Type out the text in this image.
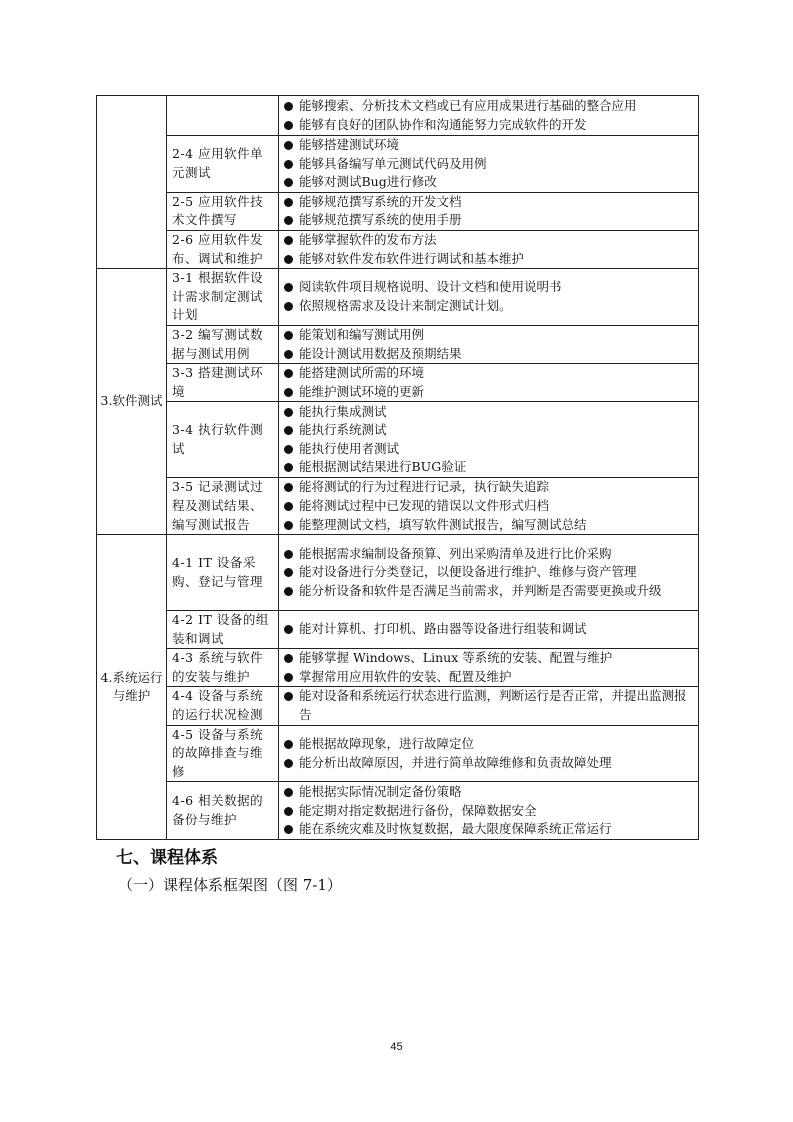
		能够搜索、分析技术文档或已有应用成果进行基础的整合应用
能够有良好的团队协作和沟通能努力完成软件的开发

	2-4 应用软件单元测试	能够搭建测试环境
能够具备编写单元测试代码及用例
能够对测试Bug进行修改

	2-5 应用软件技术文件撰写	能够规范撰写系统的开发文档
能够规范撰写系统的使用手册

	2-6 应用软件发布、调试和维护	能够掌握软件的发布方法
能够对软件发布软件进行调试和基本维护

3.软件测试	3-1 根据软件设计需求制定测试计划	阅读软件项目规格说明、设计文档和使用说明书
依照规格需求及设计来制定测试计划。

	3-2 编写测试数据与测试用例	能策划和编写测试用例
能设计测试用数据及预期结果

	3-3 搭建测试环境	能搭建测试所需的环境
能维护测试环境的更新

	3-4 执行软件测试	能执行集成测试
能执行系统测试
能执行使用者测试
能根据测试结果进行BUG验证

	3-5 记录测试过程及测试结果、编写测试报告	能将测试的行为过程进行记录，执行缺失追踪
能将测试过程中已发现的错误以文件形式归档
能整理测试文档，填写软件测试报告，编写测试总结

4.系统运行与维护	4-1 IT 设备采购、登记与管理	能根据需求编制设备预算、列出采购清单及进行比价采购
能对设备进行分类登记，以便设备进行维护、维修与资产管理
能分析设备和软件是否满足当前需求，并判断是否需要更换或升级

	4-2 IT 设备的组装和调试	能对计算机、打印机、路由器等设备进行组装和调试

	4-3 系统与软件的安装与维护	能够掌握 Windows、Linux 等系统的安装、配置与维护
掌握常用应用软件的安装、配置及维护

	4-4 设备与系统的运行状况检测	能对设备和系统运行状态进行监测，判断运行是否正常，并提出监测报告

	4-5 设备与系统的故障排查与维修	能根据故障现象，进行故障定位
能分析出故障原因，并进行简单故障维修和负责故障处理

	4-6 相关数据的备份与维护	能根据实际情况制定备份策略
能定期对指定数据进行备份，保障数据安全
能在系统灾难及时恢复数据，最大限度保障系统正常运行
七、课程体系
（一）课程体系框架图（图 7-1）
45
